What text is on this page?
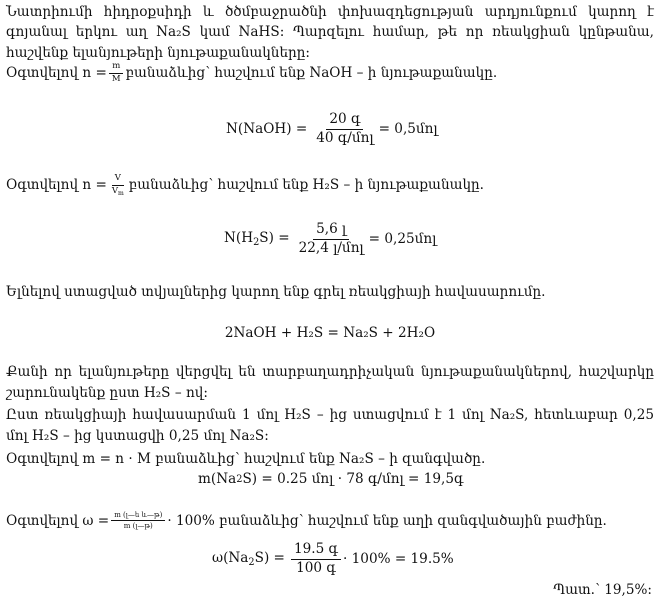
Նատրիումի հիդրօքսիդի և ծծմբաջրածնի փոխազդեցության արդյունքում կարող է
գոյանալ երկու աղ Na₂S կամ NaHS: Պարզելու համար, թե որ ռեակցիան կընթանա,
հաշվենք ելանյութերի նյութաքանակները:
Օգտվելով $n = \frac{m}{M}$ բանաձևից՝ հաշվում ենք NaOH – ի նյութաքանակը.
N(NaOH) = $\frac{\text{20 գ}}{\text{40 գ/մոլ}}$ = 0,5մոլ
Օգտվելով $n = \frac{V}{V_m}$ բանաձևից՝ հաշվում ենք H₂S – ի նյութաքանակը.
$N(H_2S) = \frac{\text{5,6 լ}}{\text{22,4 լ/մոլ}}$ = 0,25մոլ
Ելնելով ստացված տվյալներից կարող ենք գրել ռեակցիայի հավասարումը.
2NaOH + H₂S = Na₂S + 2H₂O
Քանի որ ելանյութերը վերցվել են տարբաղադրիչական նյութաքանակներով, հաշվարկը
շարունակենք ըստ H₂S – ով:
Ըստ ռեակցիայի հավասարման 1 մոլ H₂S – ից ստացվում է 1 մոլ Na₂S, հետևաբար 0,25
մոլ H₂S – ից կստացվի 0,25 մոլ Na₂S:
Օգտվելով m = n · M բանաձևից՝ հաշվում ենք Na₂S – ի զանգվածը.
m(Na 2 S) = 0.25 մոլ · 78 գ/մոլ = 19,5գ
Օգտվելով $\omega = \frac{\text{m (լ—ե և—թ)}}{\text{m (լ—թ)}} \cdot 100\%$ բանաձևից՝ հաշվում ենք աղի զանգվածային բաժինը.
$\omega(Na_2S) = \frac{\text{19.5 գ}}{\text{100 գ}} \cdot 100\% = 19.5\%$
Պատ.՝ 19,5%:
